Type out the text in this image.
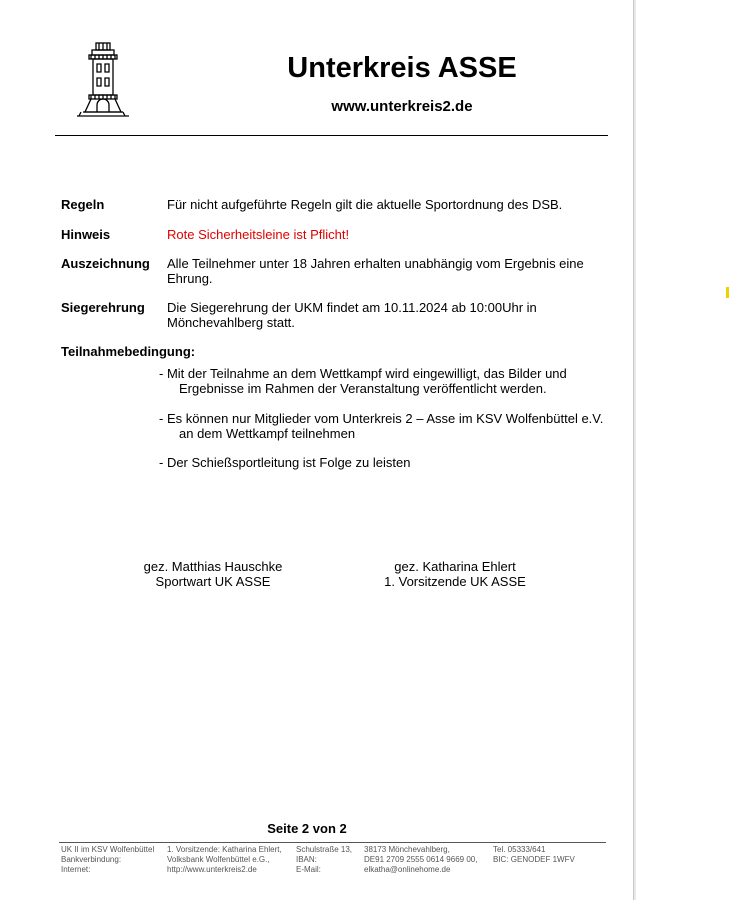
Unterkreis ASSE
www.unterkreis2.de
Regeln	Für nicht aufgeführte Regeln gilt die aktuelle Sportordnung des DSB.
Hinweis	Rote Sicherheitsleine ist Pflicht!
Auszeichnung Alle Teilnehmer unter 18 Jahren erhalten unabhängig vom Ergebnis eine Ehrung.
Siegerehrung Die Siegerehrung der UKM findet am 10.11.2024 ab 10:00Uhr in Mönchevahlberg statt.
Teilnahmebedingung:
- Mit der Teilnahme an dem Wettkampf wird eingewilligt, das Bilder und
Ergebnisse im Rahmen der Veranstaltung veröffentlicht werden.
- Es können nur Mitglieder vom Unterkreis 2 – Asse im KSV Wolfenbüttel e.V.
an dem Wettkampf teilnehmen
- Der Schießsportleitung ist Folge zu leisten
gez. Matthias Hauschke
Sportwart UK ASSE
gez. Katharina Ehlert
1. Vorsitzende UK ASSE
Seite 2 von 2
UK II im KSV Wolfenbüttel
Bankverbindung:
Internet:
1. Vorsitzende: Katharina Ehlert,
Volksbank Wolfenbüttel e.G.,
http://www.unterkreis2.de
Schulstraße 13,
IBAN:
E-Mail:
38173 Mönchevahlberg,
DE91 2709 2555 0614 9669 00,
elkatha@onlinehome.de
Tel. 05333/641
BIC: GENODEF 1WFV
